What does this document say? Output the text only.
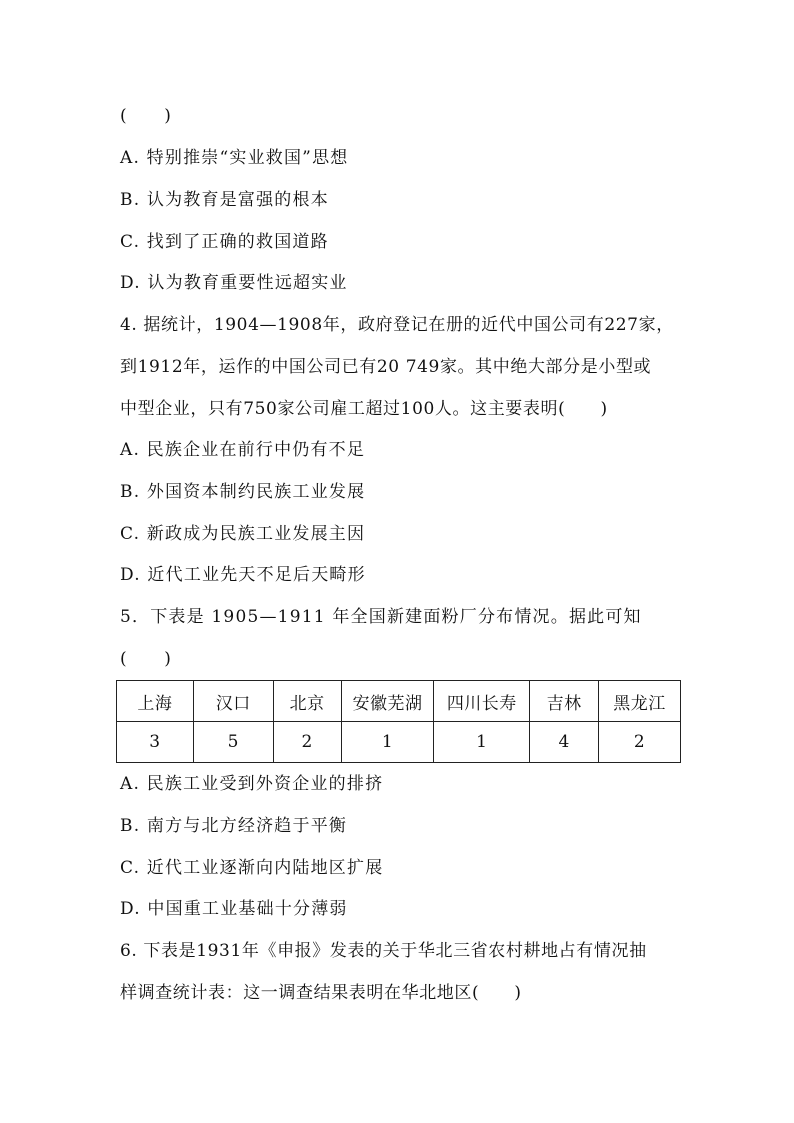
(　　)
A. 特别推崇“实业救国”思想
B. 认为教育是富强的根本
C. 找到了正确的救国道路
D. 认为教育重要性远超实业
4. 据统计，1904—1908年，政府登记在册的近代中国公司有227家，
到1912年，运作的中国公司已有20 749家。其中绝大部分是小型或
中型企业，只有750家公司雇工超过100人。这主要表明(　　)
A. 民族企业在前行中仍有不足
B. 外国资本制约民族工业发展
C. 新政成为民族工业发展主因
D. 近代工业先天不足后天畸形
5．下表是 1905—1911 年全国新建面粉厂分布情况。据此可知
(　　)
上海	汉口	北京	安徽芜湖	四川长寿	吉林	黑龙江
3	5	2	1	1	4	2
A. 民族工业受到外资企业的排挤
B. 南方与北方经济趋于平衡
C. 近代工业逐渐向内陆地区扩展
D. 中国重工业基础十分薄弱
6. 下表是1931年《申报》发表的关于华北三省农村耕地占有情况抽
样调查统计表：这一调查结果表明在华北地区(　　)
